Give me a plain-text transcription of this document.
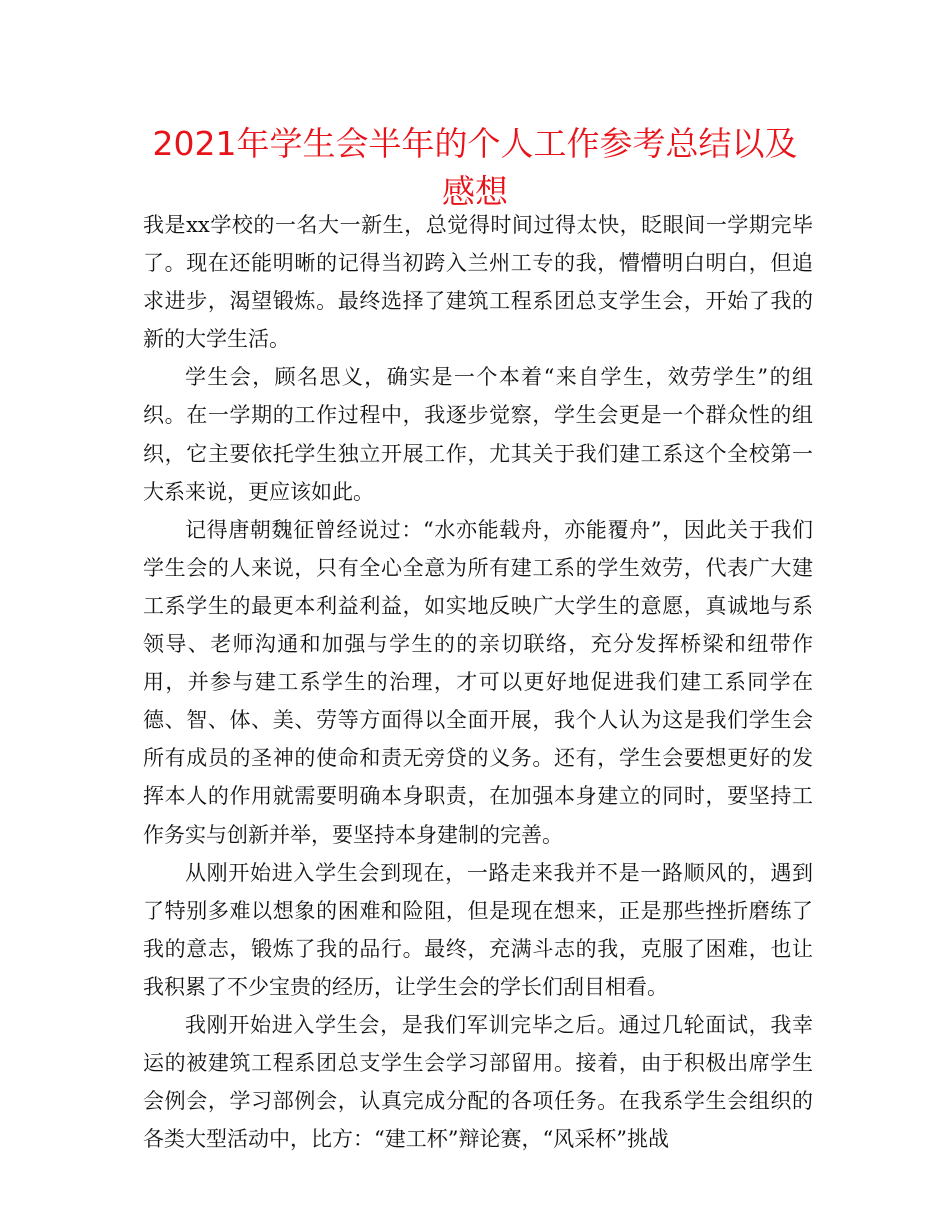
2021年学生会半年的个人工作参考总结以及感想

我是xx学校的一名大一新生，总觉得时间过得太快，眨眼间一学期完毕了。现在还能明晰的记得当初跨入兰州工专的我，懵懵明白明白，但追求进步，渴望锻炼。最终选择了建筑工程系团总支学生会，开始了我的新的大学生活。

学生会，顾名思义，确实是一个本着“来自学生，效劳学生”的组织。在一学期的工作过程中，我逐步觉察，学生会更是一个群众性的组织，它主要依托学生独立开展工作，尤其关于我们建工系这个全校第一大系来说，更应该如此。

记得唐朝魏征曾经说过：“水亦能载舟，亦能覆舟”，因此关于我们学生会的人来说，只有全心全意为所有建工系的学生效劳，代表广大建工系学生的最更本利益利益，如实地反映广大学生的意愿，真诚地与系领导、老师沟通和加强与学生的的亲切联络，充分发挥桥梁和纽带作用，并参与建工系学生的治理，才可以更好地促进我们建工系同学在德、智、体、美、劳等方面得以全面开展，我个人认为这是我们学生会所有成员的圣神的使命和责无旁贷的义务。还有，学生会要想更好的发挥本人的作用就需要明确本身职责，在加强本身建立的同时，要坚持工作务实与创新并举，要坚持本身建制的完善。

从刚开始进入学生会到现在，一路走来我并不是一路顺风的，遇到了特别多难以想象的困难和险阻，但是现在想来，正是那些挫折磨练了我的意志，锻炼了我的品行。最终，充满斗志的我，克服了困难，也让我积累了不少宝贵的经历，让学生会的学长们刮目相看。

我刚开始进入学生会，是我们军训完毕之后。通过几轮面试，我幸运的被建筑工程系团总支学生会学习部留用。接着，由于积极出席学生会例会，学习部例会，认真完成分配的各项任务。在我系学生会组织的各类大型活动中，比方：“建工杯”辩论赛，“风采杯”挑战
